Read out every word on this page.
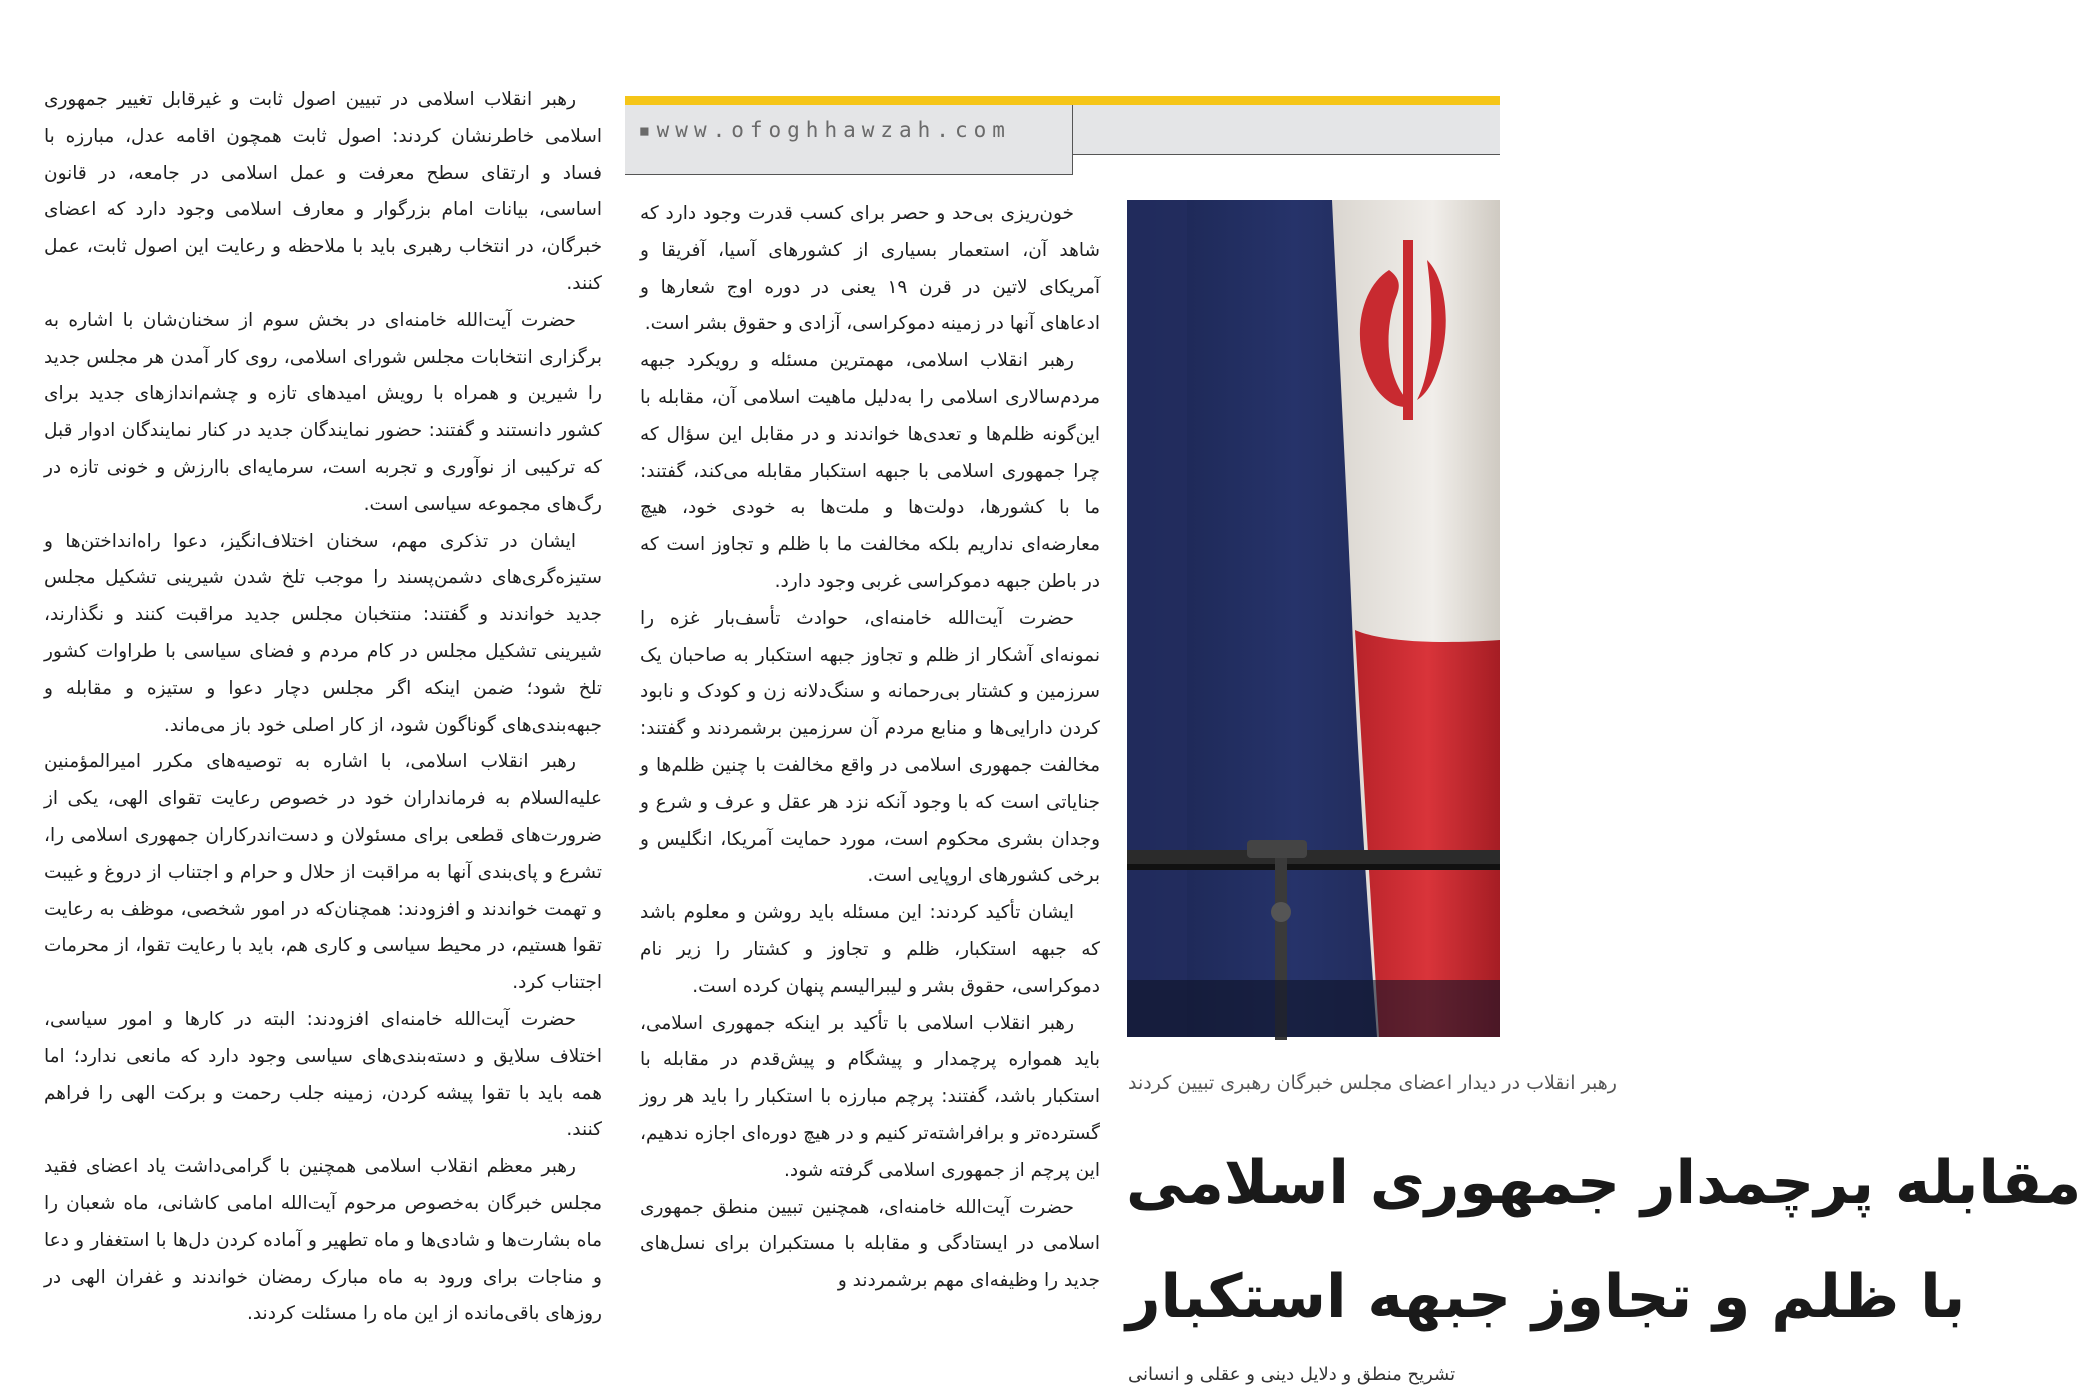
رهبر انقلاب اسلامی در تبیین اصول ثابت و غیرقابل تغییر جمهوری اسلامی خاطرنشان کردند: اصول ثابت همچون اقامه عدل، مبارزه با فساد و ارتقای سطح معرفت و عمل اسلامی در جامعه، در قانون اساسی، بیانات امام بزرگوار و معارف اسلامی وجود دارد که اعضای خبرگان، در انتخاب رهبری باید با ملاحظه و رعایت این اصول ثابت، عمل کنند.

حضرت آیت‌الله خامنه‌ای در بخش سوم از سخنان‌شان با اشاره به برگزاری انتخابات مجلس شورای اسلامی، روی کار آمدن هر مجلس جدید را شیرین و همراه با رویش امیدهای تازه و چشم‌اندازهای جدید برای کشور دانستند و گفتند: حضور نمایندگان جدید در کنار نمایندگان ادوار قبل که ترکیبی از نوآوری و تجربه است، سرمایه‌ای باارزش و خونی تازه در رگ‌های مجموعه سیاسی است.

ایشان در تذکری مهم، سخنان اختلاف‌انگیز، دعوا راه‌انداختن‌ها و ستیزه‌گری‌های دشمن‌پسند را موجب تلخ شدن شیرینی تشکیل مجلس جدید خواندند و گفتند: منتخبان مجلس جدید مراقبت کنند و نگذارند، شیرینی تشکیل مجلس در کام مردم و فضای سیاسی با طراوات کشور تلخ شود؛ ضمن اینکه اگر مجلس دچار دعوا و ستیزه و مقابله و جبهه‌بندی‌های گوناگون شود، از کار اصلی خود باز می‌ماند.

رهبر انقلاب اسلامی، با اشاره به توصیه‌های مکرر امیرالمؤمنین علیه‌السلام به فرمانداران خود در خصوص رعایت تقوای الهی، یکی از ضرورت‌های قطعی برای مسئولان و دست‌اندرکاران جمهوری اسلامی را، تشرع و پای‌بندی آنها به مراقبت از حلال و حرام و اجتناب از دروغ و غیبت و تهمت خواندند و افزودند: همچنان‌که در امور شخصی، موظف به رعایت تقوا هستیم، در محیط سیاسی و کاری هم، باید با رعایت تقوا، از محرمات اجتناب کرد.

حضرت آیت‌الله خامنه‌ای افزودند: البته در کارها و امور سیاسی، اختلاف سلایق و دسته‌بندی‌های سیاسی وجود دارد که مانعی ندارد؛ اما همه باید با تقوا پیشه کردن، زمینه جلب رحمت و برکت الهی را فراهم کنند.

رهبر معظم انقلاب اسلامی همچنین با گرامی‌داشت یاد اعضای فقید مجلس خبرگان به‌خصوص مرحوم آیت‌الله امامی کاشانی، ماه شعبان را ماه بشارت‌ها و شادی‌ها و ماه تطهیر و آماده کردن دل‌ها با استغفار و دعا و مناجات برای ورود به ماه مبارک رمضان خواندند و غفران الهی در روزهای باقی‌مانده از این ماه را مسئلت کردند.

▪www.ofoghhawzah.com

خون‌ریزی بی‌حد و حصر برای کسب قدرت وجود دارد که شاهد آن، استعمار بسیاری از کشورهای آسیا، آفریقا و آمریکای لاتین در قرن ۱۹ یعنی در دوره اوج شعارها و ادعاهای آنها در زمینه دموکراسی، آزادی و حقوق بشر است.

رهبر انقلاب اسلامی، مهمترین مسئله و رویکرد جبهه مردم‌سالاری اسلامی را به‌دلیل ماهیت اسلامی آن، مقابله با این‌گونه ظلم‌ها و تعدی‌ها خواندند و در مقابل این سؤال که چرا جمهوری اسلامی با جبهه استکبار مقابله می‌کند، گفتند: ما با کشورها، دولت‌ها و ملت‌ها به خودی خود، هیچ معارضه‌ای نداریم بلکه مخالفت ما با ظلم و تجاوز است که در باطن جبهه دموکراسی غربی وجود دارد.

حضرت آیت‌الله خامنه‌ای، حوادث تأسف‌بار غزه را نمونه‌ای آشکار از ظلم و تجاوز جبهه استکبار به صاحبان یک سرزمین و کشتار بی‌رحمانه و سنگ‌دلانه زن و کودک و نابود کردن دارایی‌ها و منابع مردم آن سرزمین برشمردند و گفتند: مخالفت جمهوری اسلامی در واقع مخالفت با چنین ظلم‌ها و جنایاتی است که با وجود آنکه نزد هر عقل و عرف و شرع و وجدان بشری محکوم است، مورد حمایت آمریکا، انگلیس و برخی کشورهای اروپایی است.

ایشان تأکید کردند: این مسئله باید روشن و معلوم باشد که جبهه استکبار، ظلم و تجاوز و کشتار را زیر نام دموکراسی، حقوق بشر و لیبرالیسم پنهان کرده است.

رهبر انقلاب اسلامی با تأکید بر اینکه جمهوری اسلامی، باید همواره پرچمدار و پیشگام و پیش‌قدم در مقابله با استکبار باشد، گفتند: پرچم مبارزه با استکبار را باید هر روز گسترده‌تر و برافراشته‌تر کنیم و در هیچ دوره‌ای اجازه ندهیم، این پرچم از جمهوری اسلامی گرفته شود.

حضرت آیت‌الله خامنه‌ای، همچنین تبیین منطق جمهوری اسلامی در ایستادگی و مقابله با مستکبران برای نسل‌های جدید را وظیفه‌ای مهم برشمردند و

رهبر انقلاب در دیدار اعضای مجلس خبرگان رهبری تبیین کردند
مقابله پرچمدار جمهوری اسلامی
با ظلم و تجاوز جبهه استکبار
تشریح منطق و دلایل دینی و عقلی و انسانی
